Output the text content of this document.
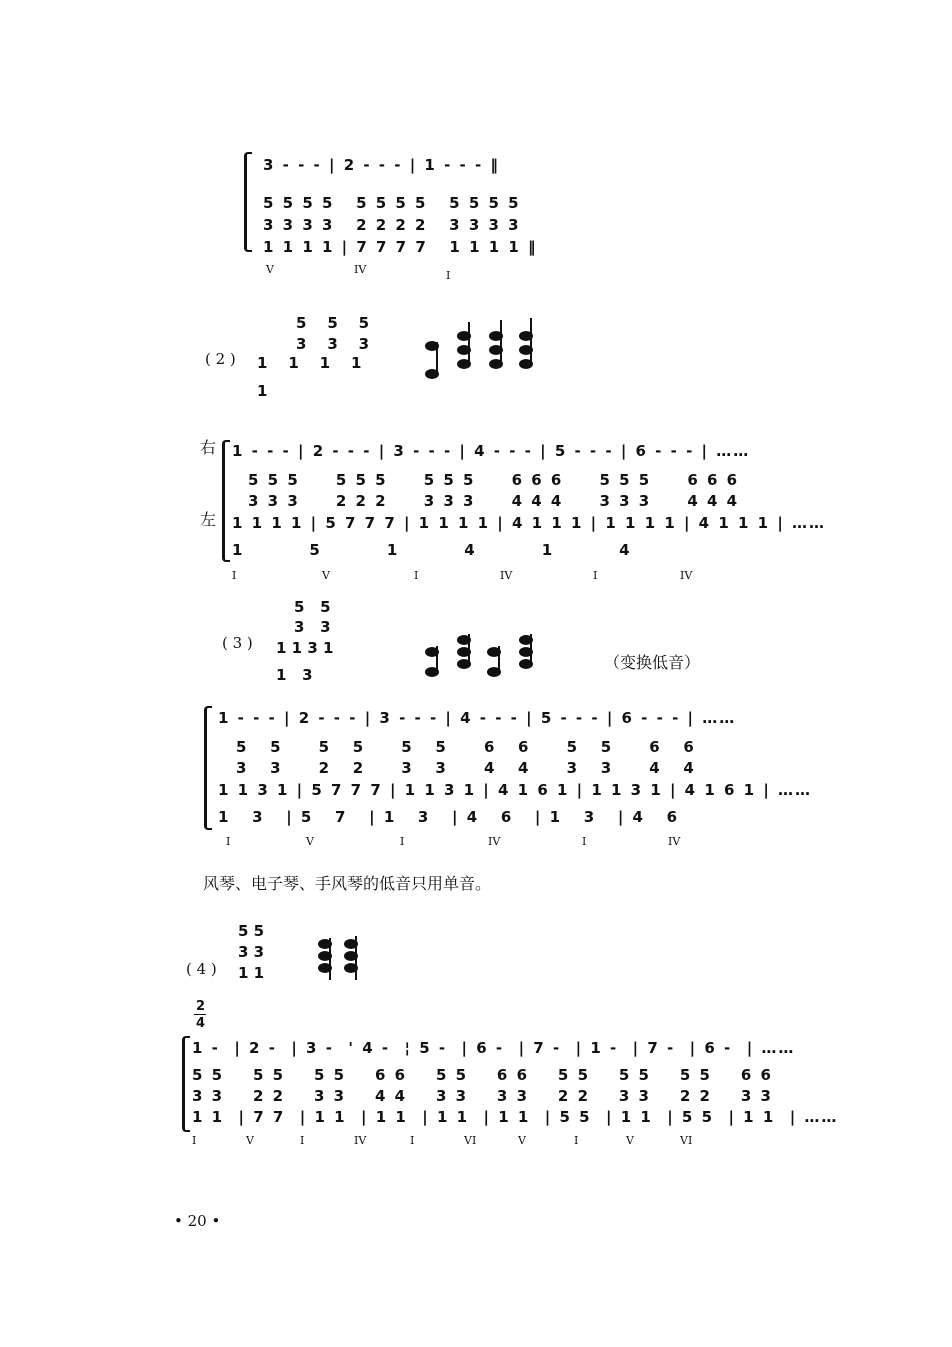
3 - - - | 2 - - - | 1 - - - ‖
5 5 5 5   5 5 5 5   5 5 5 5
3 3 3 3   2 2 2 2   3 3 3 3
1 1 1 1 | 7 7 7 7   1 1 1 1 ‖
V	IV	I
( 2 )
5    5    5
3    3    3
1    1    1    1
1
右
左
1 - - - | 2 - - - | 3 - - - | 4 - - - | 5 - - - | 6 - - - | ……
5 5 5     5 5 5     5 5 5     6 6 6     5 5 5     6 6 6
3 3 3     2 2 2     3 3 3     4 4 4     3 3 3     4 4 4
1 1 1 1 | 5 7 7 7 | 1 1 1 1 | 4 1 1 1 | 1 1 1 1 | 4 1 1 1 | ……
1         5         1         4         1         4
I	V	I	IV	I	IV
5   5
3   3
( 3 ) 1 1 3 1
1   3
（变换低音）
1 - - - | 2 - - - | 3 - - - | 4 - - - | 5 - - - | 6 - - - | ……
5   5     5   5     5   5     6   6     5   5     6   6
3   3     2   2     3   3     4   4     3   3     4   4
1 1 3 1 | 5 7 7 7 | 1 1 3 1 | 4 1 6 1 | 1 1 3 1 | 4 1 6 1 | ……
1   3   | 5   7   | 1   3   | 4   6   | 1   3   | 4   6
I	V	I	IV	I	IV
风琴、电子琴、手风琴的低音只用单音。
5 5
3 3
( 4 ) 1 1
2
4
1 -  | 2 -  | 3 -  ' 4 -  ¦ 5 -  | 6 -  | 7 -  | 1 -  | 7 -  | 6 -  | ……
5 5    5 5    5 5    6 6    5 5    6 6    5 5    5 5    5 5    6 6
3 3    2 2    3 3    4 4    3 3    3 3    2 2    3 3    2 2    3 3
1 1  | 7 7  | 1 1  | 1 1  | 1 1  | 1 1  | 5 5  | 1 1  | 5 5  | 1 1  | ……
I	V	I	IV	I	VI	V	I	V	VI
• 20 •
